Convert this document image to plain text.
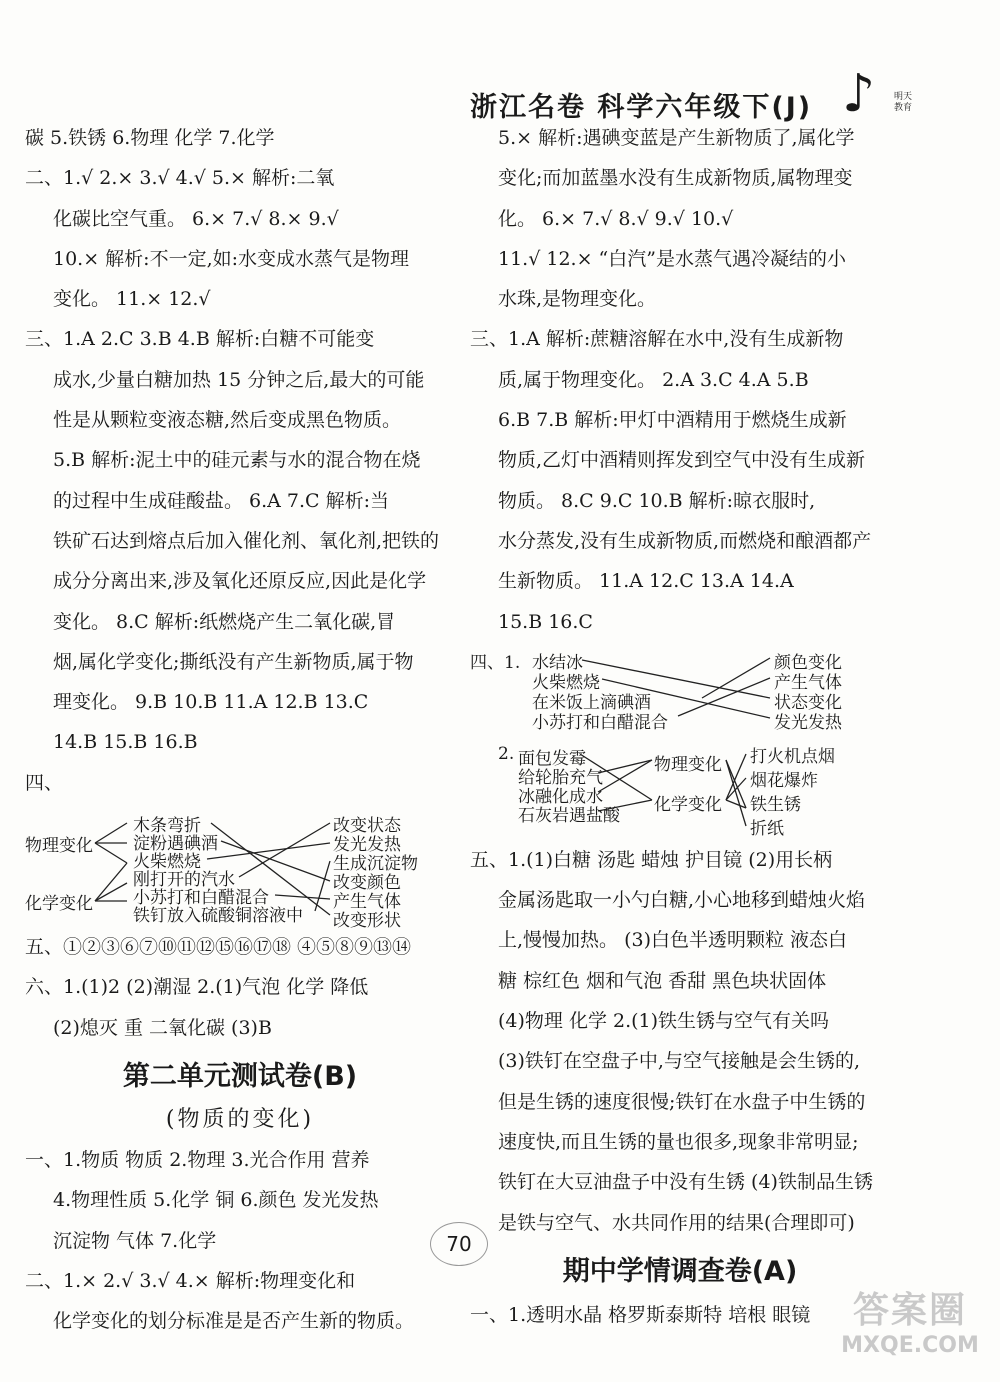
浙江名卷 科学六年级下(J) ♪ 明天教育

碳 5.铁锈 6.物理 化学 7.化学

二、1.√ 2.× 3.√ 4.√ 5.× 解析:二氧

化碳比空气重。 6.× 7.√ 8.× 9.√

10.× 解析:不一定,如:水变成水蒸气是物理

变化。 11.× 12.√

三、1.A 2.C 3.B 4.B 解析:白糖不可能变

成水,少量白糖加热 15 分钟之后,最大的可能

性是从颗粒变液态糖,然后变成黑色物质。

5.B 解析:泥土中的硅元素与水的混合物在烧

的过程中生成硅酸盐。 6.A 7.C 解析:当

铁矿石达到熔点后加入催化剂、氧化剂,把铁的

成分分离出来,涉及氧化还原反应,因此是化学

变化。 8.C 解析:纸燃烧产生二氧化碳,冒

烟,属化学变化;撕纸没有产生新物质,属于物

理变化。 9.B 10.B 11.A 12.B 13.C

14.B 15.B 16.B

四、

物理变化
化学变化
木条弯折
淀粉遇碘酒
火柴燃烧
刚打开的汽水
小苏打和白醋混合
铁钉放入硫酸铜溶液中
改变状态
发光发热
生成沉淀物
改变颜色
产生气体
改变形状

五、①②③⑥⑦⑩⑪⑫⑮⑯⑰⑱ ④⑤⑧⑨⑬⑭

六、1.(1)2 (2)潮湿 2.(1)气泡 化学 降低

(2)熄灭 重 二氧化碳 (3)B

第二单元测试卷(B)
(物质的变化)

一、1.物质 物质 2.物理 3.光合作用 营养

4.物理性质 5.化学 铜 6.颜色 发光发热

沉淀物 气体 7.化学

二、1.× 2.√ 3.√ 4.× 解析:物理变化和

化学变化的划分标准是是否产生新的物质。

5.× 解析:遇碘变蓝是产生新物质了,属化学

变化;而加蓝墨水没有生成新物质,属物理变

化。 6.× 7.√ 8.√ 9.√ 10.√

11.√ 12.× “白汽”是水蒸气遇冷凝结的小

水珠,是物理变化。

三、1.A 解析:蔗糖溶解在水中,没有生成新物

质,属于物理变化。 2.A 3.C 4.A 5.B

6.B 7.B 解析:甲灯中酒精用于燃烧生成新

物质,乙灯中酒精则挥发到空气中没有生成新

物质。 8.C 9.C 10.B 解析:晾衣服时,

水分蒸发,没有生成新物质,而燃烧和酿酒都产

生新物质。 11.A 12.C 13.A 14.A

15.B 16.C

四、1. 水结冰
火柴燃烧
在米饭上滴碘酒
小苏打和白醋混合
颜色变化
产生气体
状态变化
发光发热
2. 面包发霉
给轮胎充气
冰融化成水
石灰岩遇盐酸
物理变化
化学变化
打火机点烟
烟花爆炸
铁生锈
折纸

五、1.(1)白糖 汤匙 蜡烛 护目镜 (2)用长柄

金属汤匙取一小勺白糖,小心地移到蜡烛火焰

上,慢慢加热。 (3)白色半透明颗粒 液态白

糖 棕红色 烟和气泡 香甜 黑色块状固体

(4)物理 化学 2.(1)铁生锈与空气有关吗

(3)铁钉在空盘子中,与空气接触是会生锈的,

但是生锈的速度很慢;铁钉在水盘子中生锈的

速度快,而且生锈的量也很多,现象非常明显;

铁钉在大豆油盘子中没有生锈 (4)铁制品生锈

是铁与空气、水共同作用的结果(合理即可)

期中学情调查卷(A)

一、1.透明水晶 格罗斯泰斯特 培根 眼镜

70
答案圈
MXQE.COM
